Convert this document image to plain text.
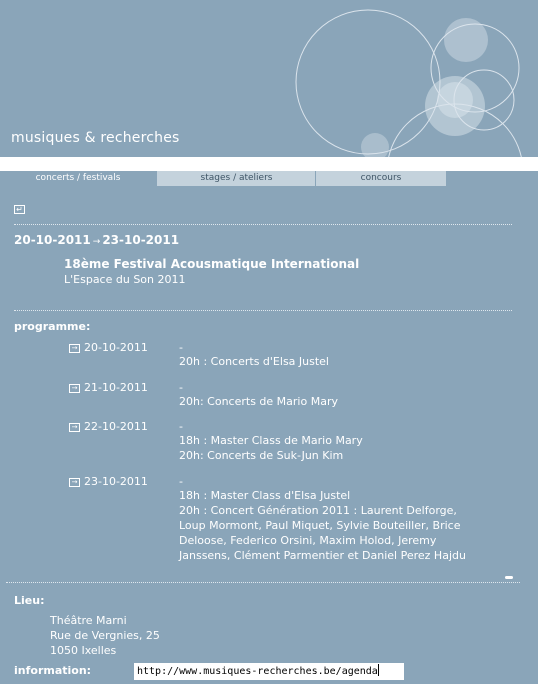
musiques & recherches
concerts / festivals	stages / ateliers	concours
↵
20-10-2011 → 23-10-2011
18ème Festival Acousmatique International
L'Espace du Son 2011
programme:
→ 20-10-2011	-
20h : Concerts d'Elsa Justel
→ 21-10-2011	-
20h: Concerts de Mario Mary
→ 22-10-2011	-
18h : Master Class de Mario Mary
20h: Concerts de Suk-Jun Kim
→ 23-10-2011	-
18h : Master Class d'Elsa Justel
20h : Concert Génération 2011 : Laurent Delforge,
Loup Mormont, Paul Miquet, Sylvie Bouteiller, Brice
Deloose, Federico Orsini, Maxim Holod, Jeremy
Janssens, Clément Parmentier et Daniel Perez Hajdu
Lieu:
Théâtre Marni
Rue de Vergnies, 25
1050 Ixelles
information:	http://www.musiques-recherches.be/agenda
